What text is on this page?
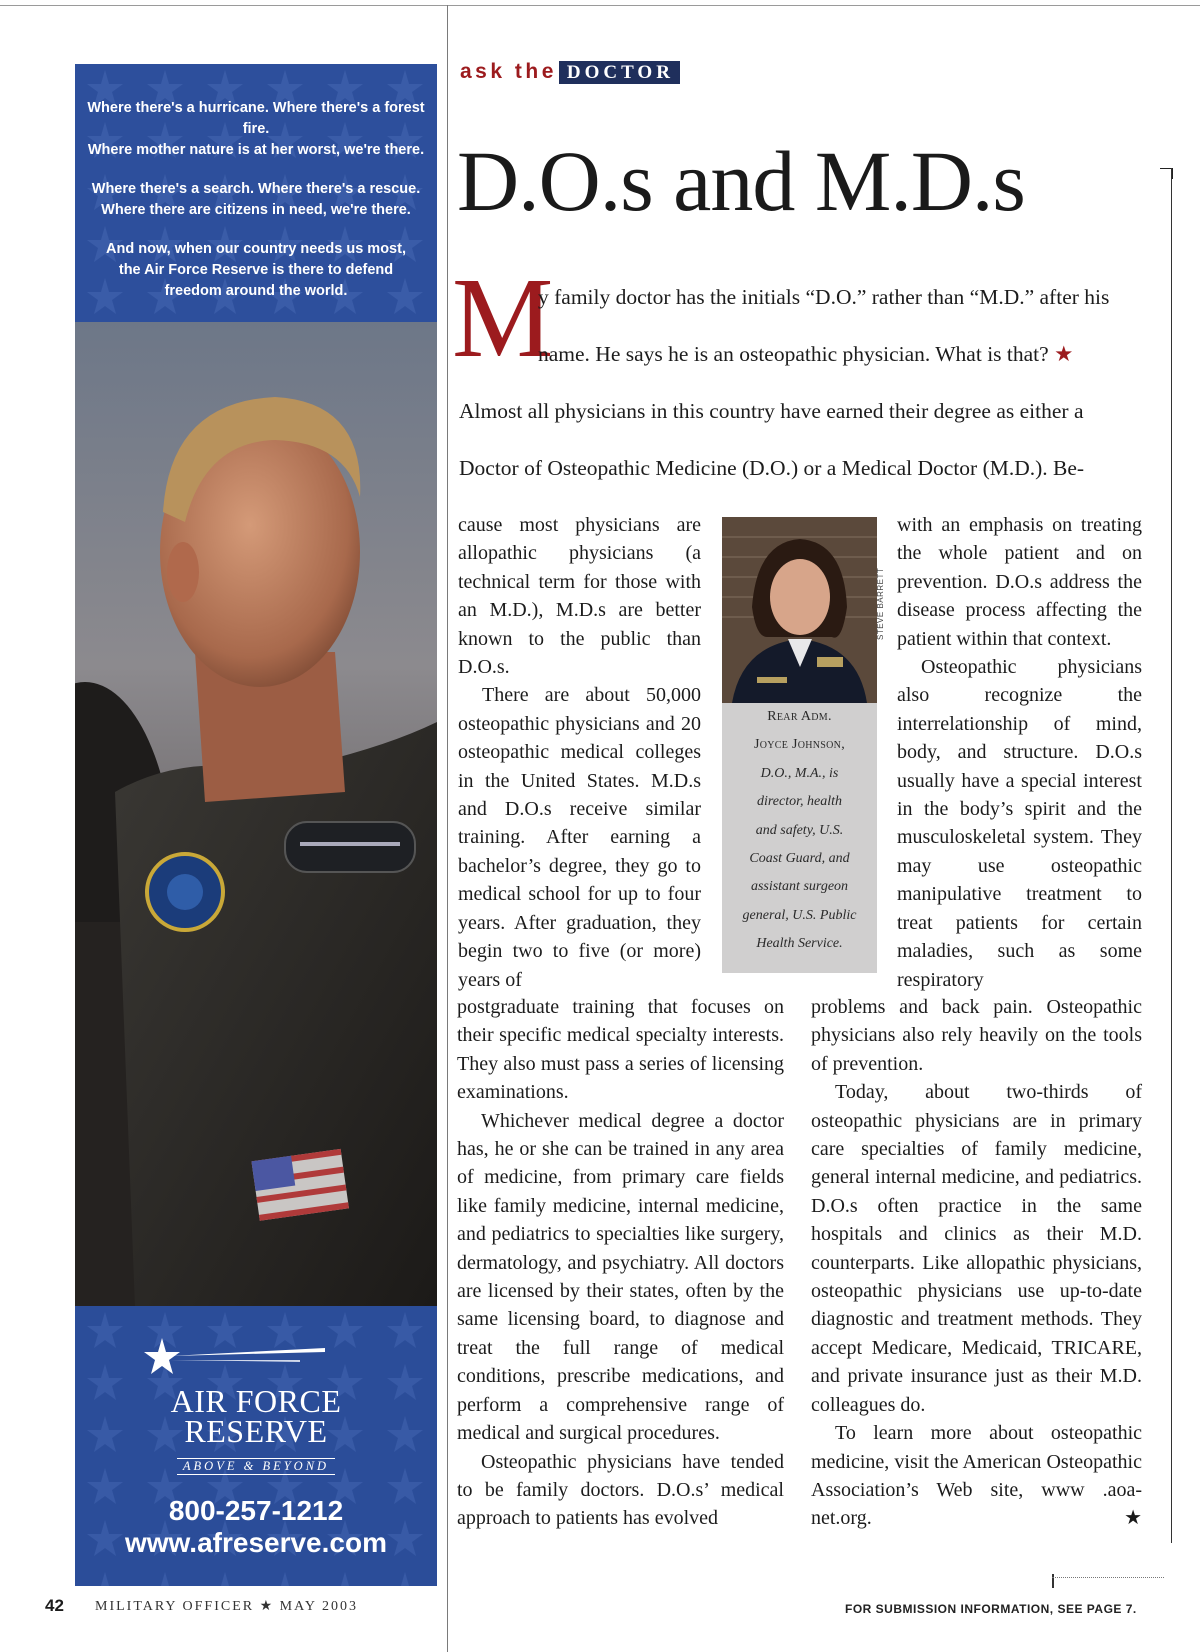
Where there's a hurricane. Where there's a forest fire.
Where mother nature is at her worst, we're there.

Where there's a search. Where there's a rescue.
Where there are citizens in need, we're there.

And now, when our country needs us most,
the Air Force Reserve is there to defend
freedom around the world.

AIR FORCE
RESERVE
ABOVE & BEYOND
800-257-1212
www.afreserve.com
ask the DOCTOR
D.O.s and M.D.s
M
y family doctor has the initials “D.O.” rather than “M.D.” after his
name. He says he is an osteopathic physician. What is that? ★
Almost all physicians in this country have earned their degree as either a
Doctor of Osteopathic Medicine (D.O.) or a Medical Doctor (M.D.). Be-

cause most physicians are allopathic physicians (a technical term for those with an M.D.), M.D.s are better known to the public than D.O.s.

There are about 50,000 osteopathic physicians and 20 osteopathic medical colleges in the United States. M.D.s and D.O.s receive similar training. After earning a bachelor’s degree, they go to medical school for up to four years. After graduation, they begin two to five (or more) years of

STEVE BARRETT
Rear Adm.
Joyce Johnson,
D.O., M.A., is
director, health
and safety, U.S.
Coast Guard, and
assistant surgeon
general, U.S. Public
Health Service.

with an emphasis on treating the whole patient and on prevention. D.O.s address the disease process affecting the patient within that context.

Osteopathic physicians also recognize the interrelationship of mind, body, and structure. D.O.s usually have a special interest in the body’s spirit and the musculoskeletal system. They may use osteopathic manipulative treatment to treat patients for certain maladies, such as some respiratory

postgraduate training that focuses on their specific medical specialty interests. They also must pass a series of licensing examinations.

Whichever medical degree a doctor has, he or she can be trained in any area of medicine, from primary care fields like family medicine, internal medicine, and pediatrics to specialties like surgery, dermatology, and psychiatry. All doctors are licensed by their states, often by the same licensing board, to diagnose and treat the full range of medical conditions, prescribe medications, and perform a comprehensive range of medical and surgical procedures.

Osteopathic physicians have tended to be family doctors. D.O.s’ medical approach to patients has evolved

problems and back pain. Osteopathic physicians also rely heavily on the tools of prevention.

Today, about two-thirds of osteopathic physicians are in primary care specialties of family medicine, general internal medicine, and pediatrics. D.O.s often practice in the same hospitals and clinics as their M.D. counterparts. Like allopathic physicians, osteopathic physicians use up-to-date diagnostic and treatment methods. They accept Medicare, Medicaid, TRICARE, and private insurance just as their M.D. colleagues do.

To learn more about osteopathic medicine, visit the American Osteopathic Association’s Web site, www .aoa-net.org.	★

42 MILITARY OFFICER ★ MAY 2003	FOR SUBMISSION INFORMATION, SEE PAGE 7.
